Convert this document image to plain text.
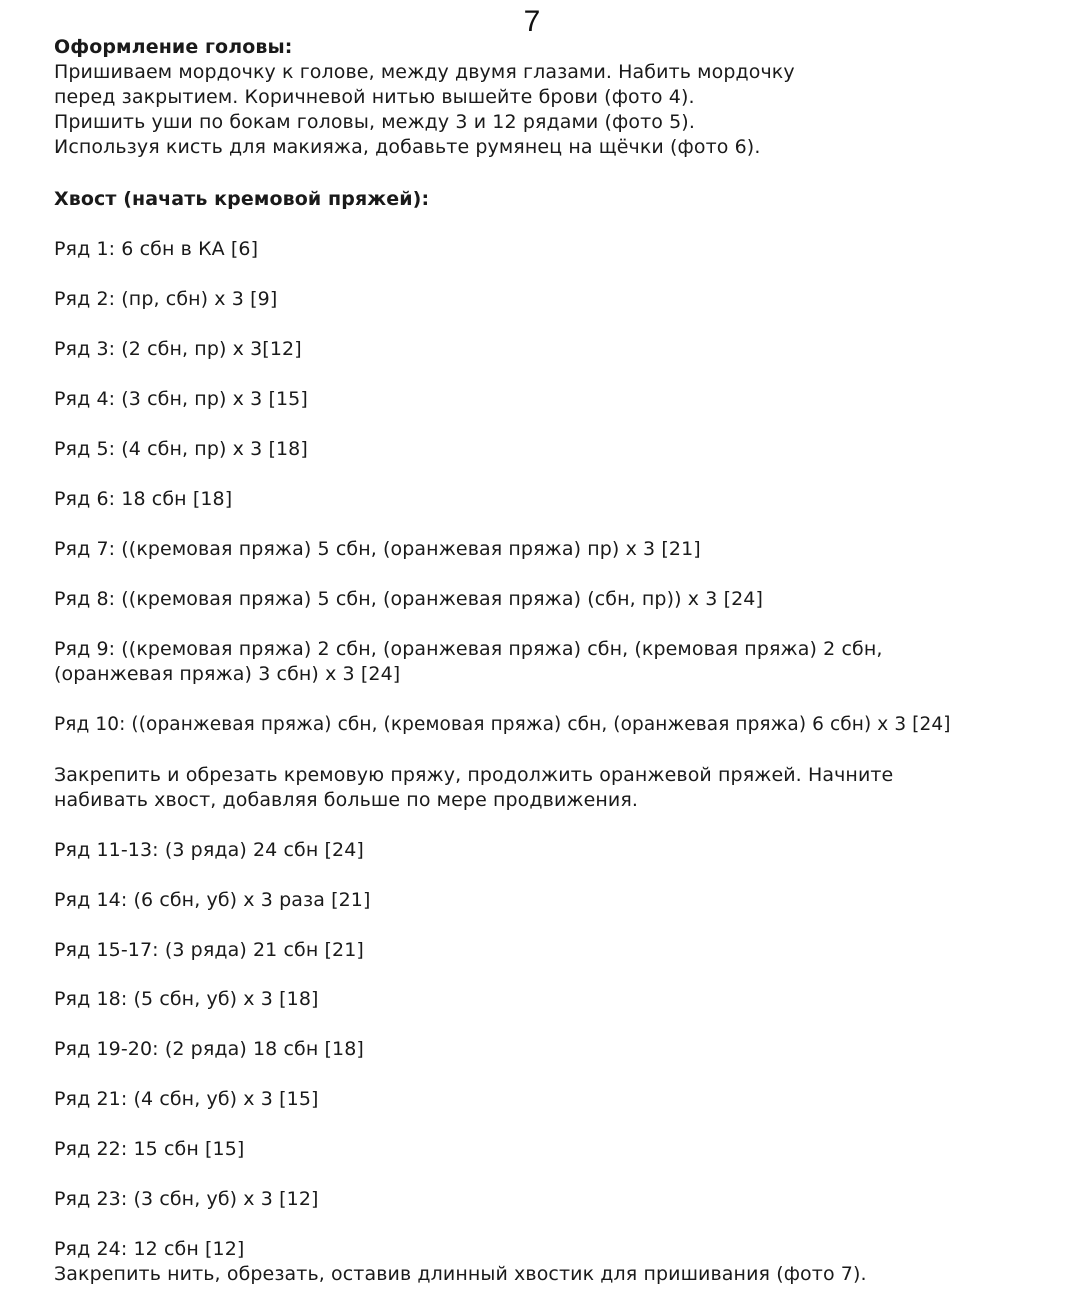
7
Оформление головы:
Пришиваем мордочку к голове, между двумя глазами. Набить мордочку
перед закрытием. Коричневой нитью вышейте брови (фото 4).
Пришить уши по бокам головы, между 3 и 12 рядами (фото 5).
Используя кисть для макияжа, добавьте румянец на щёчки (фото 6).
Хвост (начать кремовой пряжей):
Ряд 1: 6 сбн в КА [6]
Ряд 2: (пр, сбн) х 3 [9]
Ряд 3: (2 сбн, пр) х 3[12]
Ряд 4: (3 сбн, пр) х 3 [15]
Ряд 5: (4 сбн, пр) х 3 [18]
Ряд 6: 18 сбн [18]
Ряд 7: ((кремовая пряжа) 5 сбн, (оранжевая пряжа) пр) х 3 [21]
Ряд 8: ((кремовая пряжа) 5 сбн, (оранжевая пряжа) (сбн, пр)) х 3 [24]
Ряд 9: ((кремовая пряжа) 2 сбн, (оранжевая пряжа) сбн, (кремовая пряжа) 2 сбн,
(оранжевая пряжа) 3 сбн) х 3 [24]
Ряд 10: ((оранжевая пряжа) сбн, (кремовая пряжа) сбн, (оранжевая пряжа) 6 сбн) х 3 [24]
Закрепить и обрезать кремовую пряжу, продолжить оранжевой пряжей. Начните
набивать хвост, добавляя больше по мере продвижения.
Ряд 11-13: (3 ряда) 24 сбн [24]
Ряд 14: (6 сбн, уб) х 3 раза [21]
Ряд 15-17: (3 ряда) 21 сбн [21]
Ряд 18: (5 сбн, уб) х 3 [18]
Ряд 19-20: (2 ряда) 18 сбн [18]
Ряд 21: (4 сбн, уб) х 3 [15]
Ряд 22: 15 сбн [15]
Ряд 23: (3 сбн, уб) х 3 [12]
Ряд 24: 12 сбн [12]
Закрепить нить, обрезать, оставив длинный хвостик для пришивания (фото 7).
